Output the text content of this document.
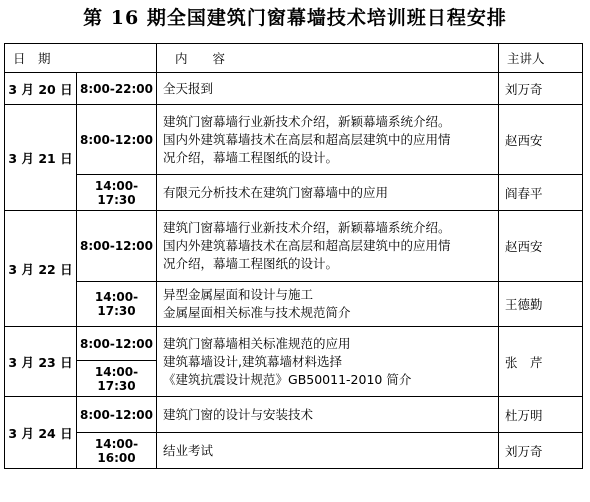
第 16 期全国建筑门窗幕墙技术培训班日程安排
日　期		内　　容	主讲人
3 月 20 日	8:00-22:00	全天报到	刘万奇
3 月 21 日	8:00-12:00	建筑门窗幕墙行业新技术介绍，新颖幕墙系统介绍。
国内外建筑幕墙技术在高层和超高层建筑中的应用情
况介绍，幕墙工程图纸的设计。	赵西安
	14:00-17:30	有限元分析技术在建筑门窗幕墙中的应用	阎春平
3 月 22 日	8:00-12:00	建筑门窗幕墙行业新技术介绍，新颖幕墙系统介绍。
国内外建筑幕墙技术在高层和超高层建筑中的应用情
况介绍，幕墙工程图纸的设计。	赵西安
	14:00-17:30	异型金属屋面和设计与施工
金属屋面相关标准与技术规范简介	王德勤
3 月 23 日	8:00-12:00	建筑门窗幕墙相关标准规范的应用
建筑幕墙设计,建筑幕墙材料选择
《建筑抗震设计规范》GB50011-2010 简介	张　芹
	14:00-17:30		
3 月 24 日	8:00-12:00	建筑门窗的设计与安装技术	杜万明
	14:00-16:00	结业考试	刘万奇
